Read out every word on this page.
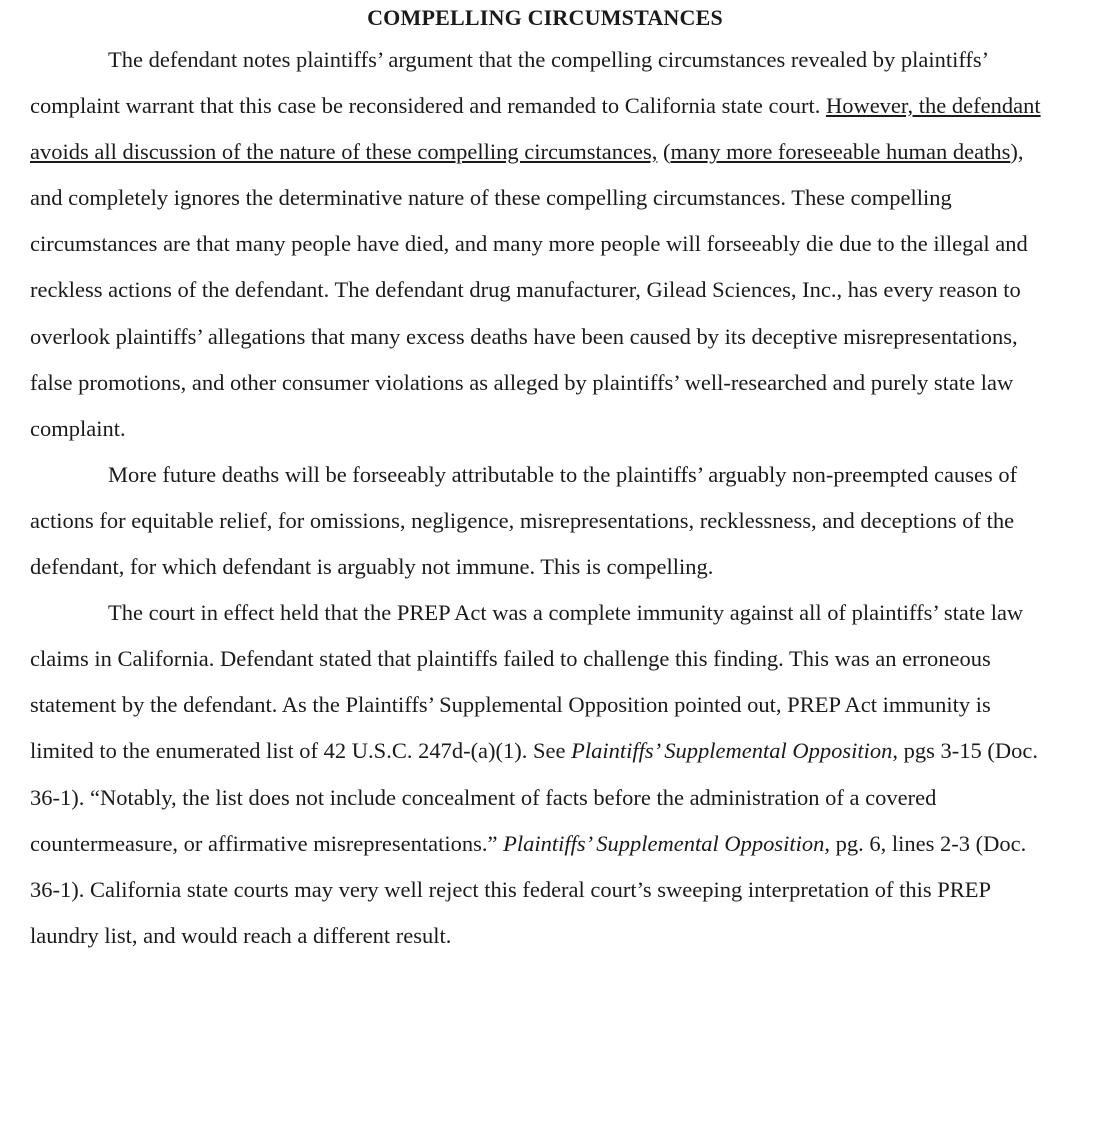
COMPELLING CIRCUMSTANCES

The defendant notes plaintiffs’ argument that the compelling circumstances revealed by plaintiffs’ complaint warrant that this case be reconsidered and remanded to California state court. However, the defendant avoids all discussion of the nature of these compelling circumstances, (many more foreseeable human deaths), and completely ignores the determinative nature of these compelling circumstances. These compelling circumstances are that many people have died, and many more people will forseeably die due to the illegal and reckless actions of the defendant. The defendant drug manufacturer, Gilead Sciences, Inc., has every reason to overlook plaintiffs’ allegations that many excess deaths have been caused by its deceptive misrepresentations, false promotions, and other consumer violations as alleged by plaintiffs’ well-researched and purely state law complaint.

More future deaths will be forseeably attributable to the plaintiffs’ arguably non-preempted causes of actions for equitable relief, for omissions, negligence, misrepresentations, recklessness, and deceptions of the defendant, for which defendant is arguably not immune. This is compelling.

The court in effect held that the PREP Act was a complete immunity against all of plaintiffs’ state law claims in California. Defendant stated that plaintiffs failed to challenge this finding. This was an erroneous statement by the defendant. As the Plaintiffs’ Supplemental Opposition pointed out, PREP Act immunity is limited to the enumerated list of 42 U.S.C. 247d-(a)(1). See Plaintiffs’ Supplemental Opposition, pgs 3-15 (Doc. 36-1). “Notably, the list does not include concealment of facts before the administration of a covered countermeasure, or affirmative misrepresentations.” Plaintiffs’ Supplemental Opposition, pg. 6, lines 2-3 (Doc. 36-1). California state courts may very well reject this federal court’s sweeping interpretation of this PREP laundry list, and would reach a different result.
